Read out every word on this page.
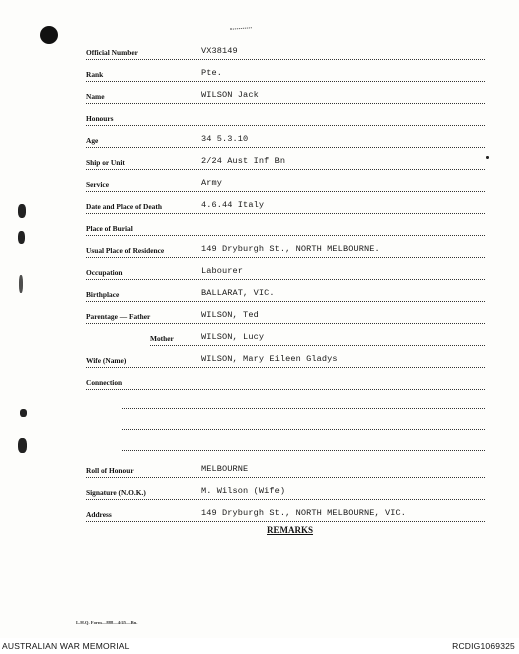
Official Number	VX38149
Rank	Pte.
Name	WILSON Jack
Honours
Age	34 5.3.10
Ship or Unit	2/24 Aust Inf Bn
Service	Army
Date and Place of Death	4.6.44 Italy
Place of Burial
Usual Place of Residence	149 Dryburgh St., NORTH MELBOURNE.
Occupation	Labourer
Birthplace	BALLARAT, VIC.
Parentage — Father	WILSON, Ted
Mother	WILSON, Lucy
Wife (Name)	WILSON, Mary Eileen Gladys
Connection
Roll of Honour	MELBOURNE
Signature (N.O.K.)	M. Wilson (Wife)
Address	149 Dryburgh St., NORTH MELBOURNE, VIC.
REMARKS
L.H.Q. Form—888—4/45—Bn.
AUSTRALIAN WAR MEMORIAL	RCDIG1069325
